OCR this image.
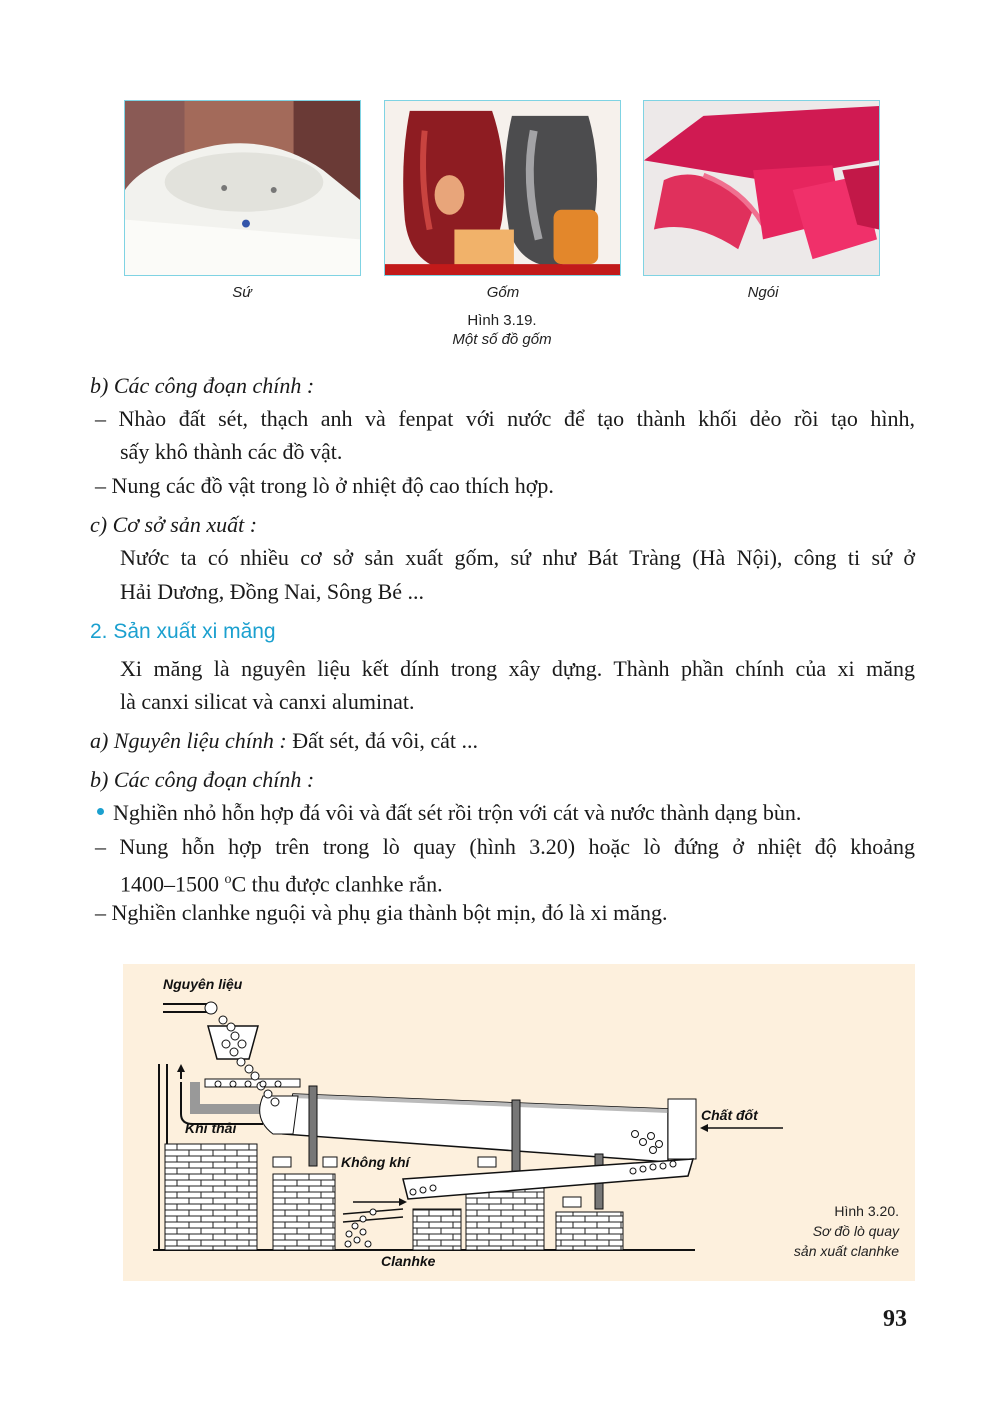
Sứ	Gốm	Ngói
Hình 3.19.
Một số đồ gốm
b) Các công đoạn chính :
– Nhào đất sét, thạch anh và fenpat với nước để tạo thành khối dẻo rồi tạo hình,
sấy khô thành các đồ vật.
– Nung các đồ vật trong lò ở nhiệt độ cao thích hợp.
c) Cơ sở sản xuất :
Nước ta có nhiều cơ sở sản xuất gốm, sứ như Bát Tràng (Hà Nội), công ti sứ ở
Hải Dương, Đồng Nai, Sông Bé ...
2. Sản xuất xi măng
Xi măng là nguyên liệu kết dính trong xây dựng. Thành phần chính của xi măng
là canxi silicat và canxi aluminat.
a) Nguyên liệu chính : Đất sét, đá vôi, cát ...
b) Các công đoạn chính :
Nghiền nhỏ hỗn hợp đá vôi và đất sét rồi trộn với cát và nước thành dạng bùn.
– Nung hỗn hợp trên trong lò quay (hình 3.20) hoặc lò đứng ở nhiệt độ khoảng
1400–1500 $^o$C thu được clanhke rắn.
– Nghiền clanhke nguội và phụ gia thành bột mịn, đó là xi măng.
Nguyên liệu
Khí thải
Chất đốt
Không khí
Clanhke
Hình 3.20.
Sơ đồ lò quay
sản xuất clanhke
93
